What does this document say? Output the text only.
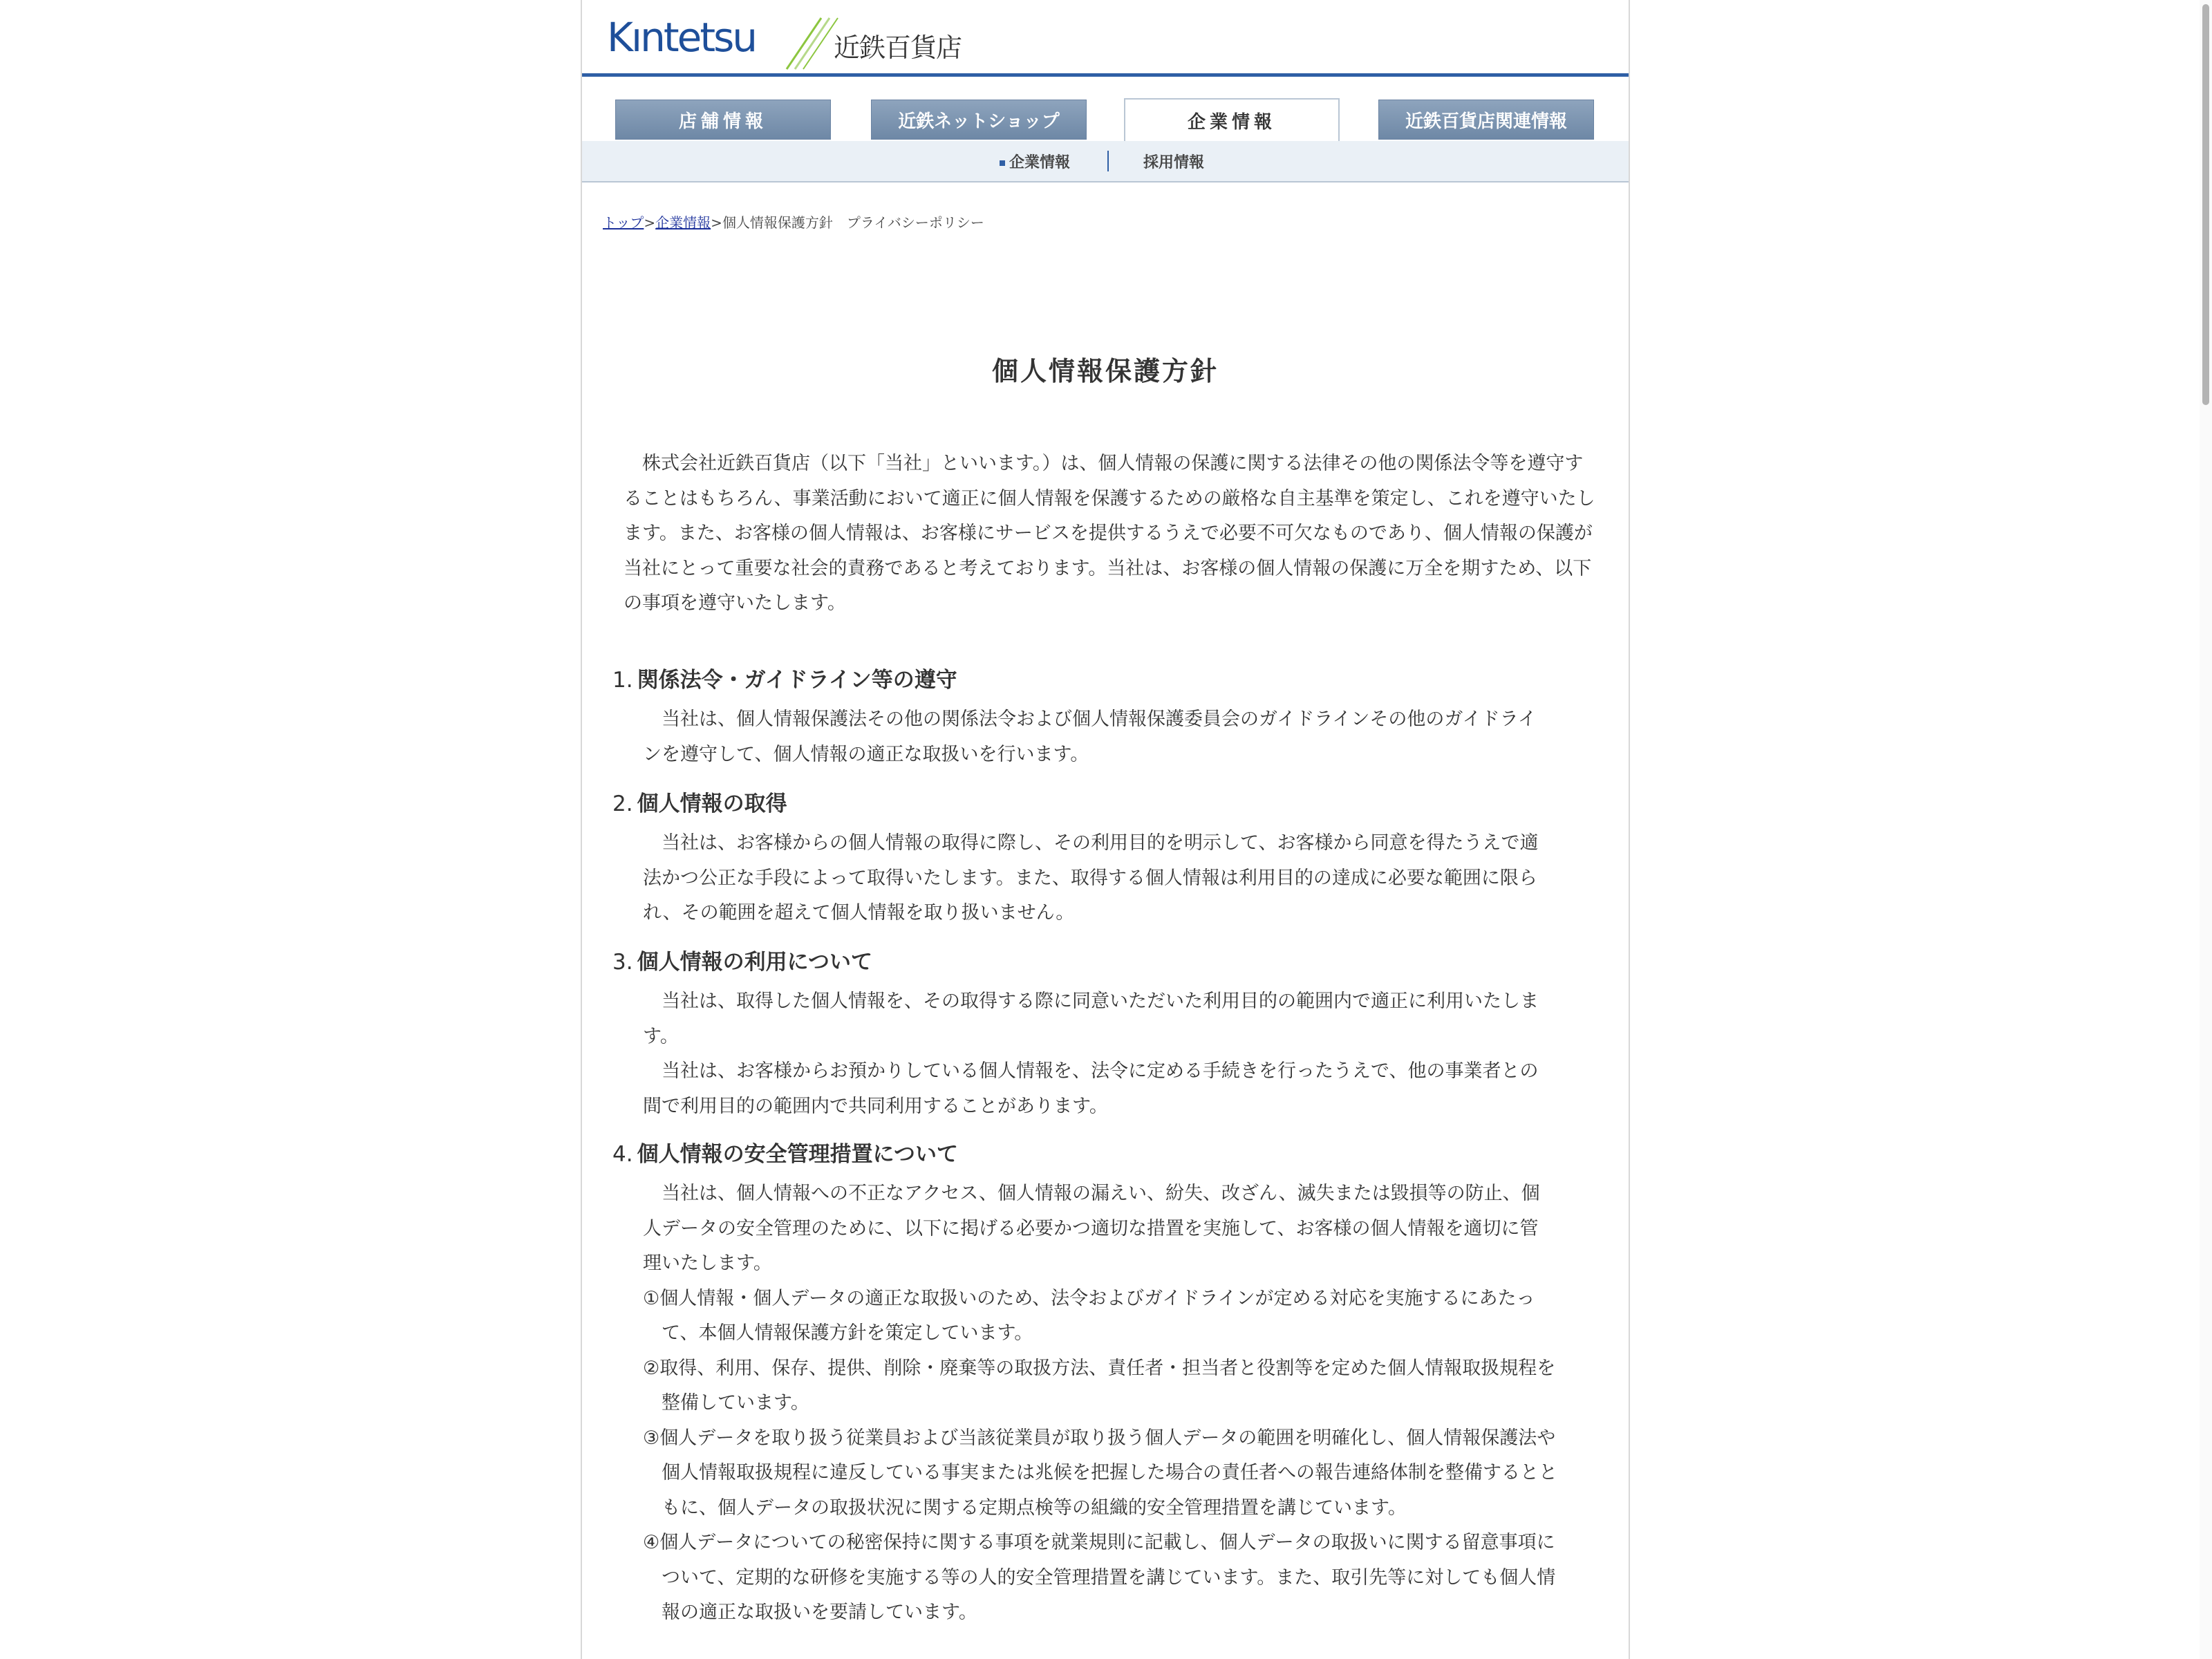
Kıntetsu	近鉄百貨店
店舗情報	近鉄ネットショップ	企業情報	近鉄百貨店関連情報
企業情報	採用情報
トップ>企業情報>個人情報保護方針　プライバシーポリシー
個人情報保護方針
株式会社近鉄百貨店（以下「当社」といいます。）は、個人情報の保護に関する法律その他の関係法令等を遵守することはもちろん、事業活動において適正に個人情報を保護するための厳格な自主基準を策定し、これを遵守いたします。また、お客様の個人情報は、お客様にサービスを提供するうえで必要不可欠なものであり、個人情報の保護が当社にとって重要な社会的責務であると考えております。当社は、お客様の個人情報の保護に万全を期すため、以下の事項を遵守いたします。
1. 関係法令・ガイドライン等の遵守
当社は、個人情報保護法その他の関係法令および個人情報保護委員会のガイドラインその他のガイドラインを遵守して、個人情報の適正な取扱いを行います。
2. 個人情報の取得
当社は、お客様からの個人情報の取得に際し、その利用目的を明示して、お客様から同意を得たうえで適法かつ公正な手段によって取得いたします。また、取得する個人情報は利用目的の達成に必要な範囲に限られ、その範囲を超えて個人情報を取り扱いません。
3. 個人情報の利用について
当社は、取得した個人情報を、その取得する際に同意いただいた利用目的の範囲内で適正に利用いたします。
当社は、お客様からお預かりしている個人情報を、法令に定める手続きを行ったうえで、他の事業者との間で利用目的の範囲内で共同利用することがあります。
4. 個人情報の安全管理措置について
当社は、個人情報への不正なアクセス、個人情報の漏えい、紛失、改ざん、滅失または毀損等の防止、個人データの安全管理のために、以下に掲げる必要かつ適切な措置を実施して、お客様の個人情報を適切に管理いたします。
①個人情報・個人データの適正な取扱いのため、法令およびガイドラインが定める対応を実施するにあたって、本個人情報保護方針を策定しています。
②取得、利用、保存、提供、削除・廃棄等の取扱方法、責任者・担当者と役割等を定めた個人情報取扱規程を整備しています。
③個人データを取り扱う従業員および当該従業員が取り扱う個人データの範囲を明確化し、個人情報保護法や個人情報取扱規程に違反している事実または兆候を把握した場合の責任者への報告連絡体制を整備するとともに、個人データの取扱状況に関する定期点検等の組織的安全管理措置を講じています。
④個人データについての秘密保持に関する事項を就業規則に記載し、個人データの取扱いに関する留意事項について、定期的な研修を実施する等の人的安全管理措置を講じています。また、取引先等に対しても個人情報の適正な取扱いを要請しています。
